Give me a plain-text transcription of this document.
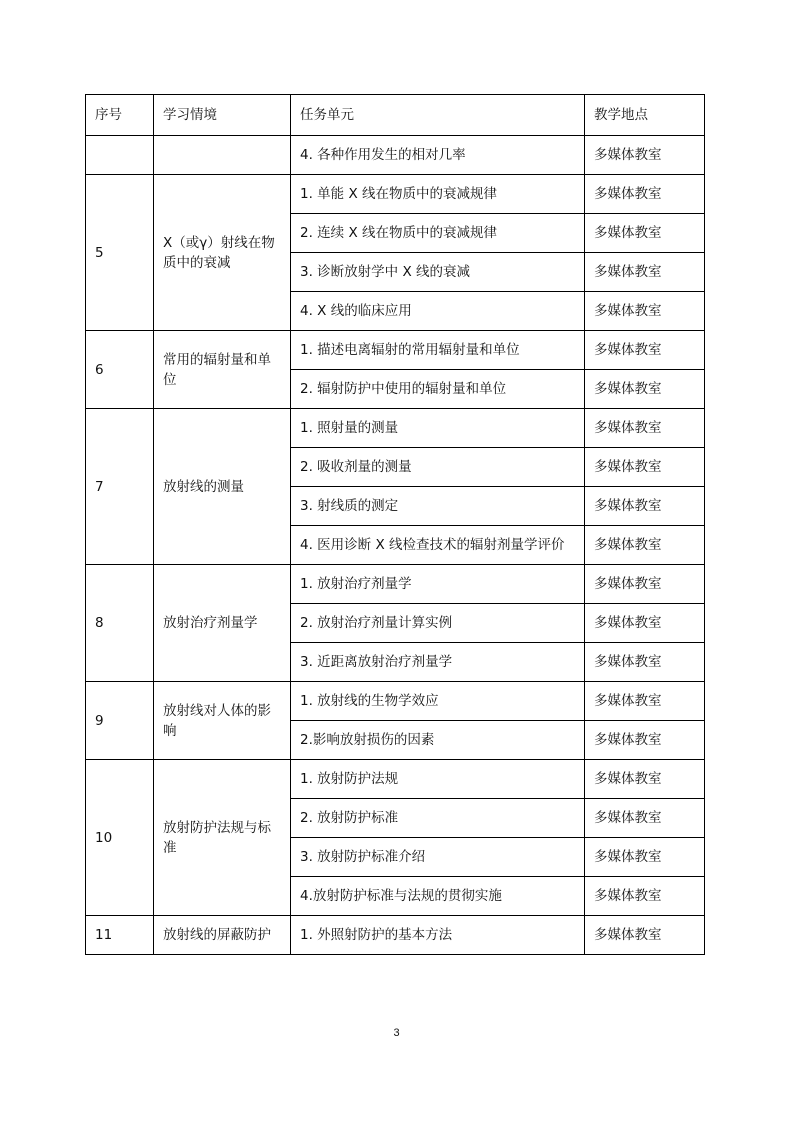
序号	学习情境	任务单元	教学地点
		4. 各种作用发生的相对几率	多媒体教室
5	X（或γ）射线在物质中的衰减	1. 单能 X 线在物质中的衰减规律	多媒体教室
		2. 连续 X 线在物质中的衰减规律	多媒体教室
		3. 诊断放射学中 X 线的衰减	多媒体教室
		4. X 线的临床应用	多媒体教室
6	常用的辐射量和单位	1. 描述电离辐射的常用辐射量和单位	多媒体教室
		2. 辐射防护中使用的辐射量和单位	多媒体教室
7	放射线的测量	1. 照射量的测量	多媒体教室
		2. 吸收剂量的测量	多媒体教室
		3. 射线质的测定	多媒体教室
		4. 医用诊断 X 线检查技术的辐射剂量学评价	多媒体教室
8	放射治疗剂量学	1. 放射治疗剂量学	多媒体教室
		2. 放射治疗剂量计算实例	多媒体教室
		3. 近距离放射治疗剂量学	多媒体教室
9	放射线对人体的影响	1. 放射线的生物学效应	多媒体教室
		2.影响放射损伤的因素	多媒体教室
10	放射防护法规与标准	1. 放射防护法规	多媒体教室
		2. 放射防护标准	多媒体教室
		3. 放射防护标准介绍	多媒体教室
		4.放射防护标准与法规的贯彻实施	多媒体教室
11	放射线的屏蔽防护	1. 外照射防护的基本方法	多媒体教室
3
